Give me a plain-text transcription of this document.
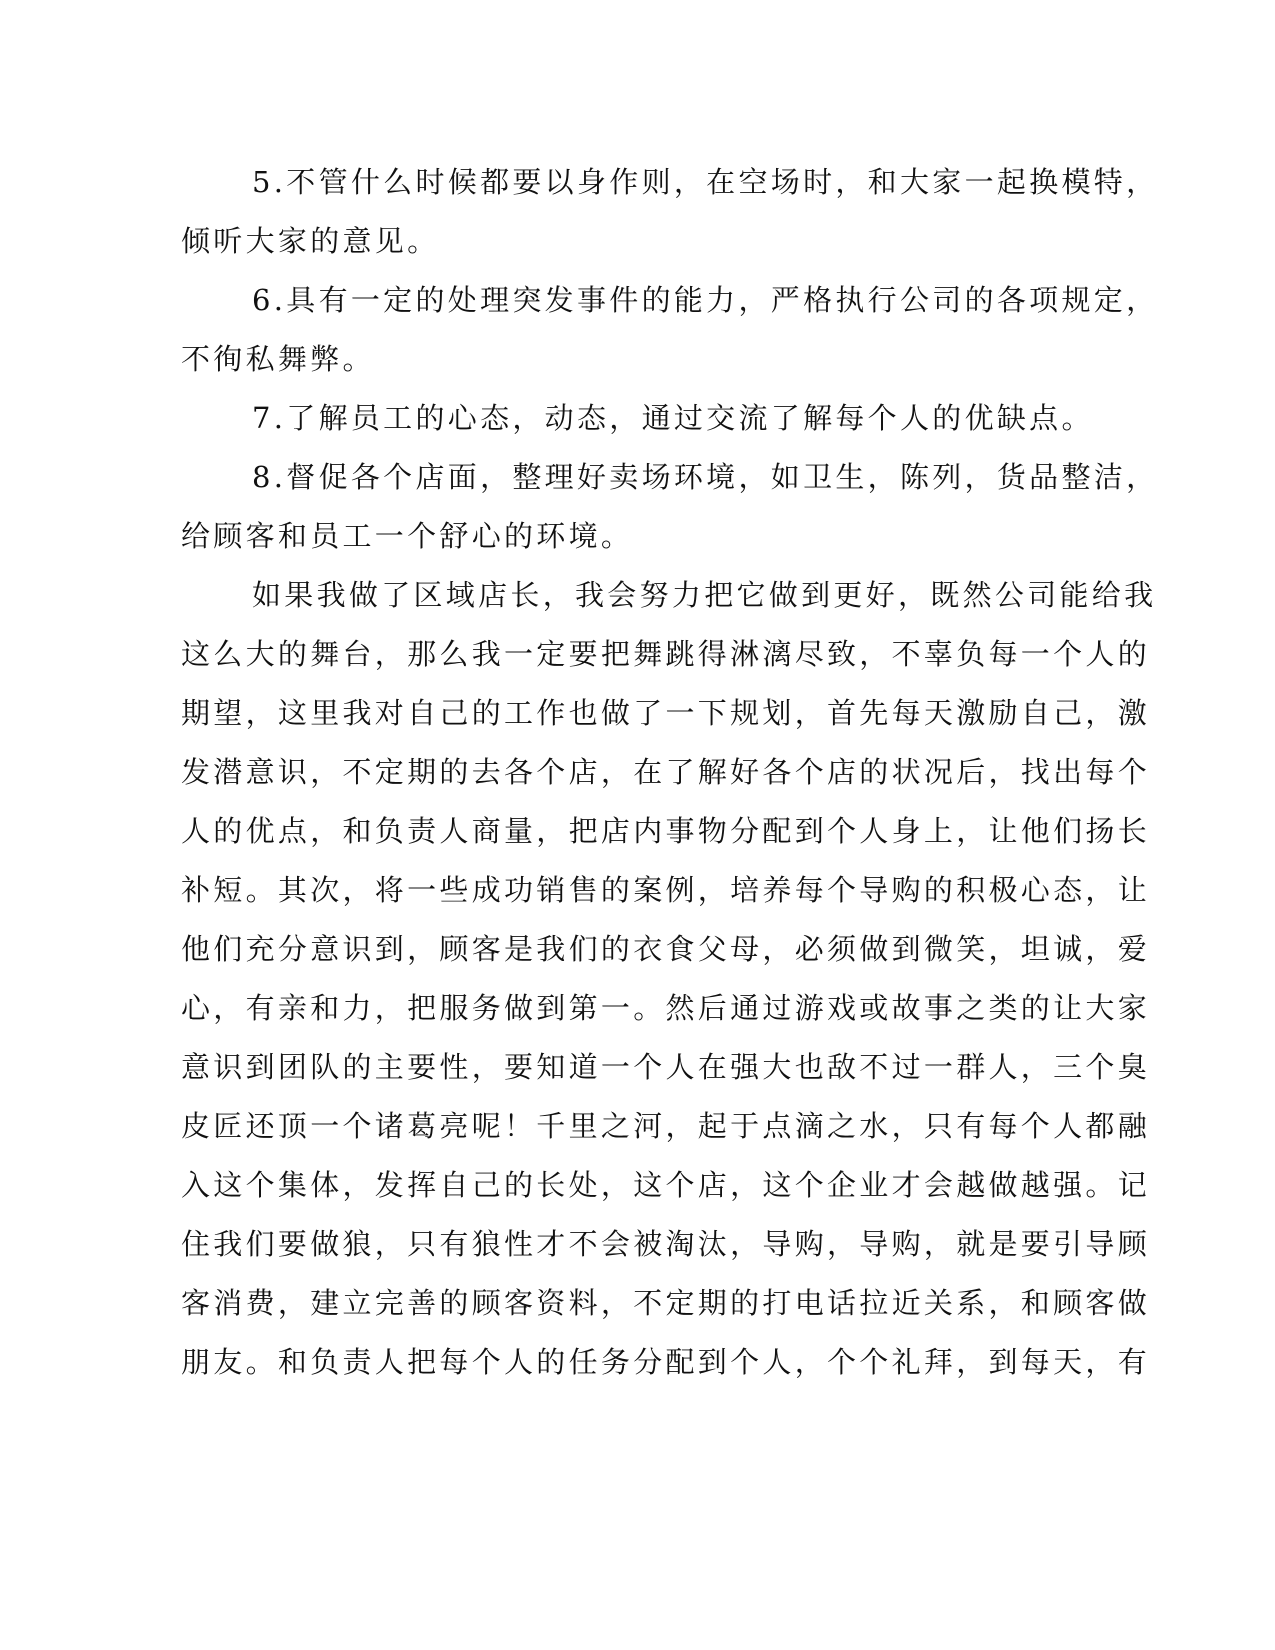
5.不管什么时候都要以身作则，在空场时，和大家一起换模特，
倾听大家的意见。
6.具有一定的处理突发事件的能力，严格执行公司的各项规定，
不徇私舞弊。
7.了解员工的心态，动态，通过交流了解每个人的优缺点。
8.督促各个店面，整理好卖场环境，如卫生，陈列，货品整洁，
给顾客和员工一个舒心的环境。
如果我做了区域店长，我会努力把它做到更好，既然公司能给我
这么大的舞台，那么我一定要把舞跳得淋漓尽致，不辜负每一个人的
期望，这里我对自己的工作也做了一下规划，首先每天激励自己，激
发潜意识，不定期的去各个店，在了解好各个店的状况后，找出每个
人的优点，和负责人商量，把店内事物分配到个人身上，让他们扬长
补短。其次，将一些成功销售的案例，培养每个导购的积极心态，让
他们充分意识到，顾客是我们的衣食父母，必须做到微笑，坦诚，爱
心，有亲和力，把服务做到第一。然后通过游戏或故事之类的让大家
意识到团队的主要性，要知道一个人在强大也敌不过一群人，三个臭
皮匠还顶一个诸葛亮呢！千里之河，起于点滴之水，只有每个人都融
入这个集体，发挥自己的长处，这个店，这个企业才会越做越强。记
住我们要做狼，只有狼性才不会被淘汰，导购，导购，就是要引导顾
客消费，建立完善的顾客资料，不定期的打电话拉近关系，和顾客做
朋友。和负责人把每个人的任务分配到个人，个个礼拜，到每天，有
